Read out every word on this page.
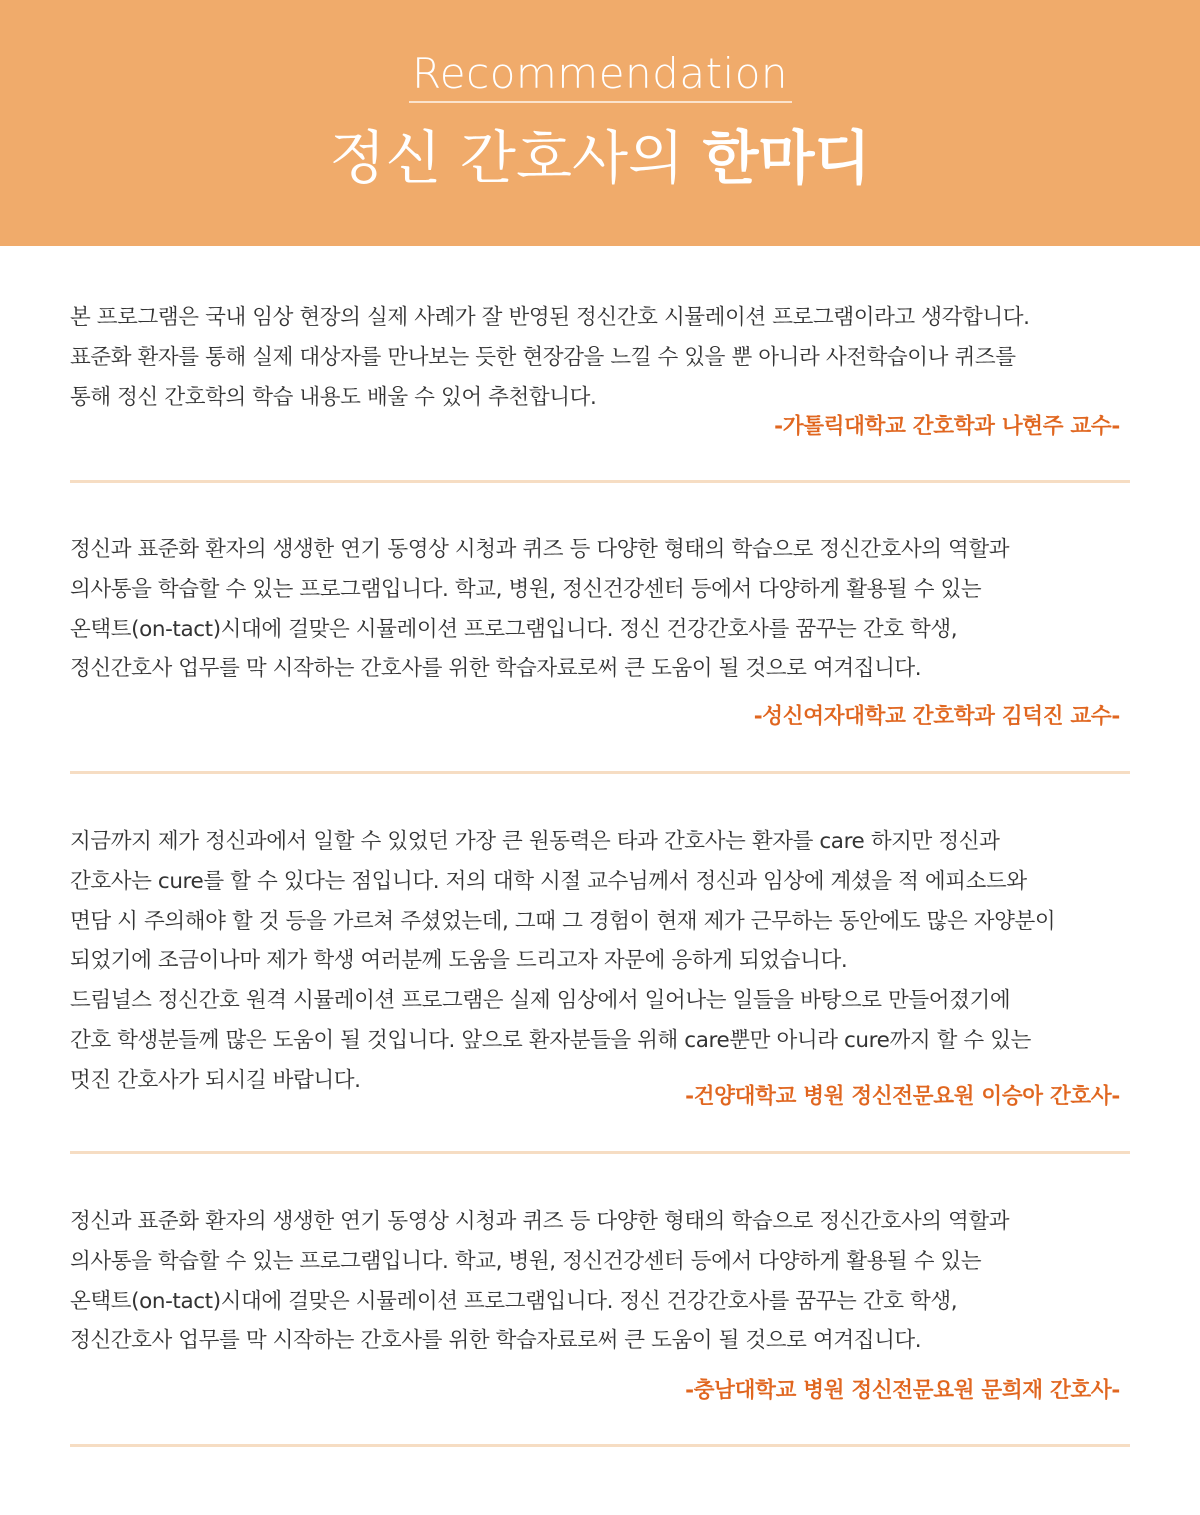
Recommendation
정신 간호사의 한마디
본 프로그램은 국내 임상 현장의 실제 사례가 잘 반영된 정신간호 시뮬레이션 프로그램이라고 생각합니다.
표준화 환자를 통해 실제 대상자를 만나보는 듯한 현장감을 느낄 수 있을 뿐 아니라 사전학습이나 퀴즈를
통해 정신 간호학의 학습 내용도 배울 수 있어 추천합니다.
-가톨릭대학교 간호학과 나현주 교수-
정신과 표준화 환자의 생생한 연기 동영상 시청과 퀴즈 등 다양한 형태의 학습으로 정신간호사의 역할과
의사통을 학습할 수 있는 프로그램입니다. 학교, 병원, 정신건강센터 등에서 다양하게 활용될 수 있는
온택트(on-tact)시대에 걸맞은 시뮬레이션 프로그램입니다. 정신 건강간호사를 꿈꾸는 간호 학생,
정신간호사 업무를 막 시작하는 간호사를 위한 학습자료로써 큰 도움이 될 것으로 여겨집니다.
-성신여자대학교 간호학과 김덕진 교수-
지금까지 제가 정신과에서 일할 수 있었던 가장 큰 원동력은 타과 간호사는 환자를 care 하지만 정신과
간호사는 cure를 할 수 있다는 점입니다. 저의 대학 시절 교수님께서 정신과 임상에 계셨을 적 에피소드와
면담 시 주의해야 할 것 등을 가르쳐 주셨었는데, 그때 그 경험이 현재 제가 근무하는 동안에도 많은 자양분이
되었기에 조금이나마 제가 학생 여러분께 도움을 드리고자 자문에 응하게 되었습니다.
드림널스 정신간호 원격 시뮬레이션 프로그램은 실제 임상에서 일어나는 일들을 바탕으로 만들어졌기에
간호 학생분들께 많은 도움이 될 것입니다. 앞으로 환자분들을 위해 care뿐만 아니라 cure까지 할 수 있는
멋진 간호사가 되시길 바랍니다.
-건양대학교 병원 정신전문요원 이승아 간호사-
정신과 표준화 환자의 생생한 연기 동영상 시청과 퀴즈 등 다양한 형태의 학습으로 정신간호사의 역할과
의사통을 학습할 수 있는 프로그램입니다. 학교, 병원, 정신건강센터 등에서 다양하게 활용될 수 있는
온택트(on-tact)시대에 걸맞은 시뮬레이션 프로그램입니다. 정신 건강간호사를 꿈꾸는 간호 학생,
정신간호사 업무를 막 시작하는 간호사를 위한 학습자료로써 큰 도움이 될 것으로 여겨집니다.
-충남대학교 병원 정신전문요원 문희재 간호사-
